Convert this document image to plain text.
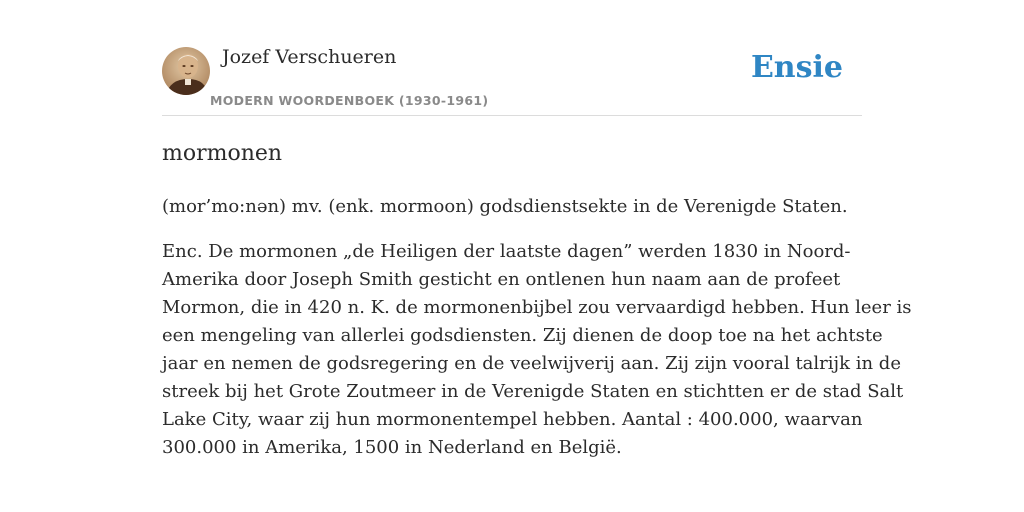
Jozef Verschueren
MODERN WOORDENBOEK (1930-1961)
Ensie
mormonen
(mor’mo:nən) mv. (enk. mormoon) godsdienstsekte in de Verenigde Staten.
Enc. De mormonen „de Heiligen der laatste dagen” werden 1830 in Noord-
Amerika door Joseph Smith gesticht en ontlenen hun naam aan de profeet
Mormon, die in 420 n. K. de mormonenbijbel zou vervaardigd hebben. Hun leer is
een mengeling van allerlei godsdiensten. Zij dienen de doop toe na het achtste
jaar en nemen de godsregering en de veelwijverij aan. Zij zijn vooral talrijk in de
streek bij het Grote Zoutmeer in de Verenigde Staten en stichtten er de stad Salt
Lake City, waar zij hun mormonentempel hebben. Aantal : 400.000, waarvan
300.000 in Amerika, 1500 in Nederland en België.
